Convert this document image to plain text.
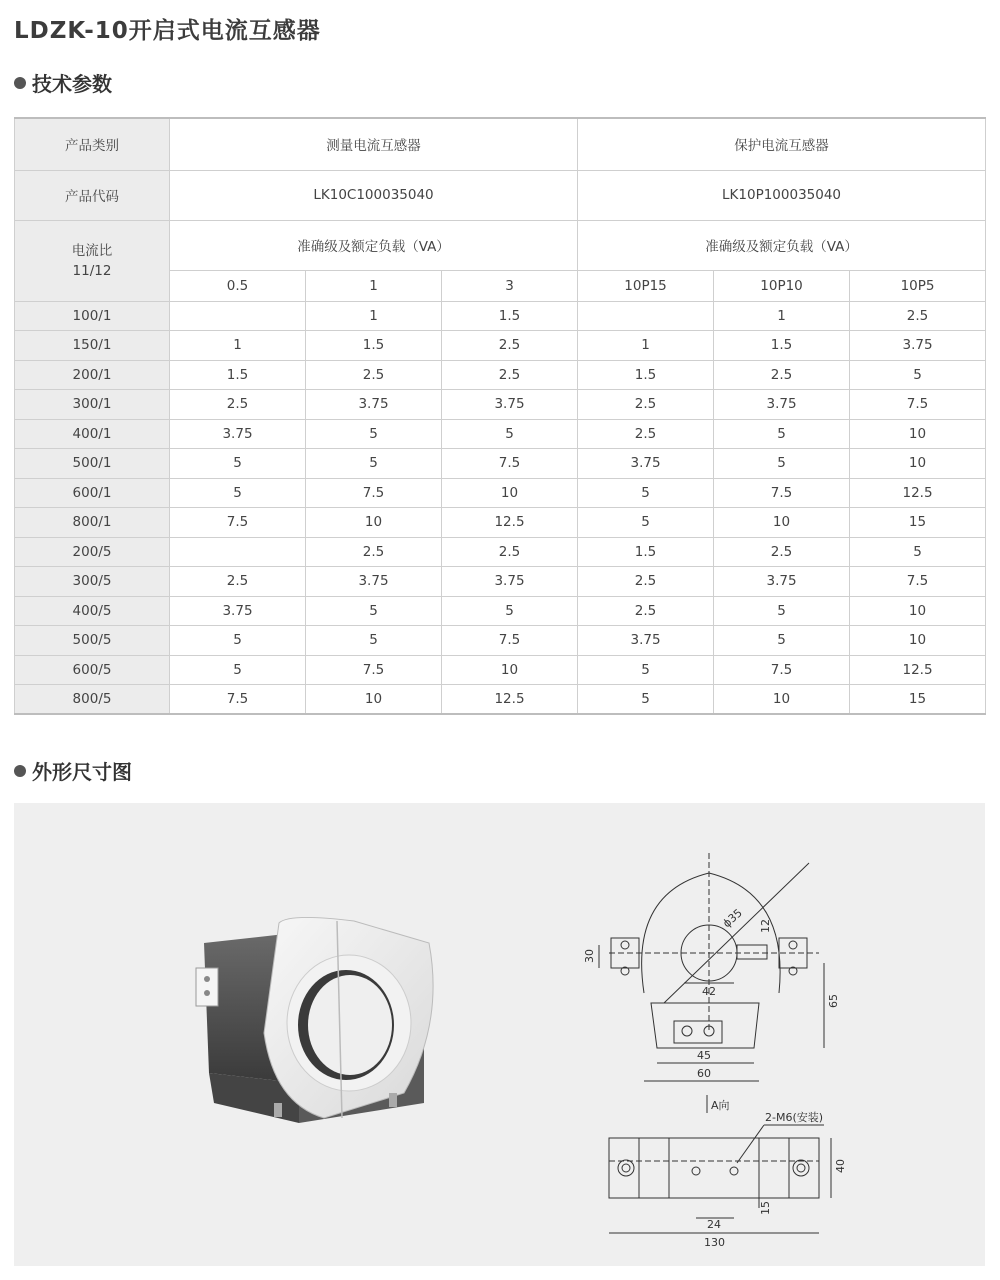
LDZK-10开启式电流互感器
技术参数
产品类别	测量电流互感器			保护电流互感器		
产品代码	LK10C100035040			LK10P100035040		

电流比
11/12	准确级及额定负载（VA）			准确级及额定负载（VA）		
	0.5	1	3	10P15	10P10	10P5
100/1		1	1.5		1	2.5
150/1	1	1.5	2.5	1	1.5	3.75
200/1	1.5	2.5	2.5	1.5	2.5	5
300/1	2.5	3.75	3.75	2.5	3.75	7.5
400/1	3.75	5	5	2.5	5	10
500/1	5	5	7.5	3.75	5	10
600/1	5	7.5	10	5	7.5	12.5
800/1	7.5	10	12.5	5	10	15
200/5		2.5	2.5	1.5	2.5	5
300/5	2.5	3.75	3.75	2.5	3.75	7.5
400/5	3.75	5	5	2.5	5	10
500/5	5	5	7.5	3.75	5	10
600/5	5	7.5	10	5	7.5	12.5
800/5	7.5	10	12.5	5	10	15
外形尺寸图
ϕ35 12
30
42
65
45
60
A向
2-M6(安装)
40
24
15
130
